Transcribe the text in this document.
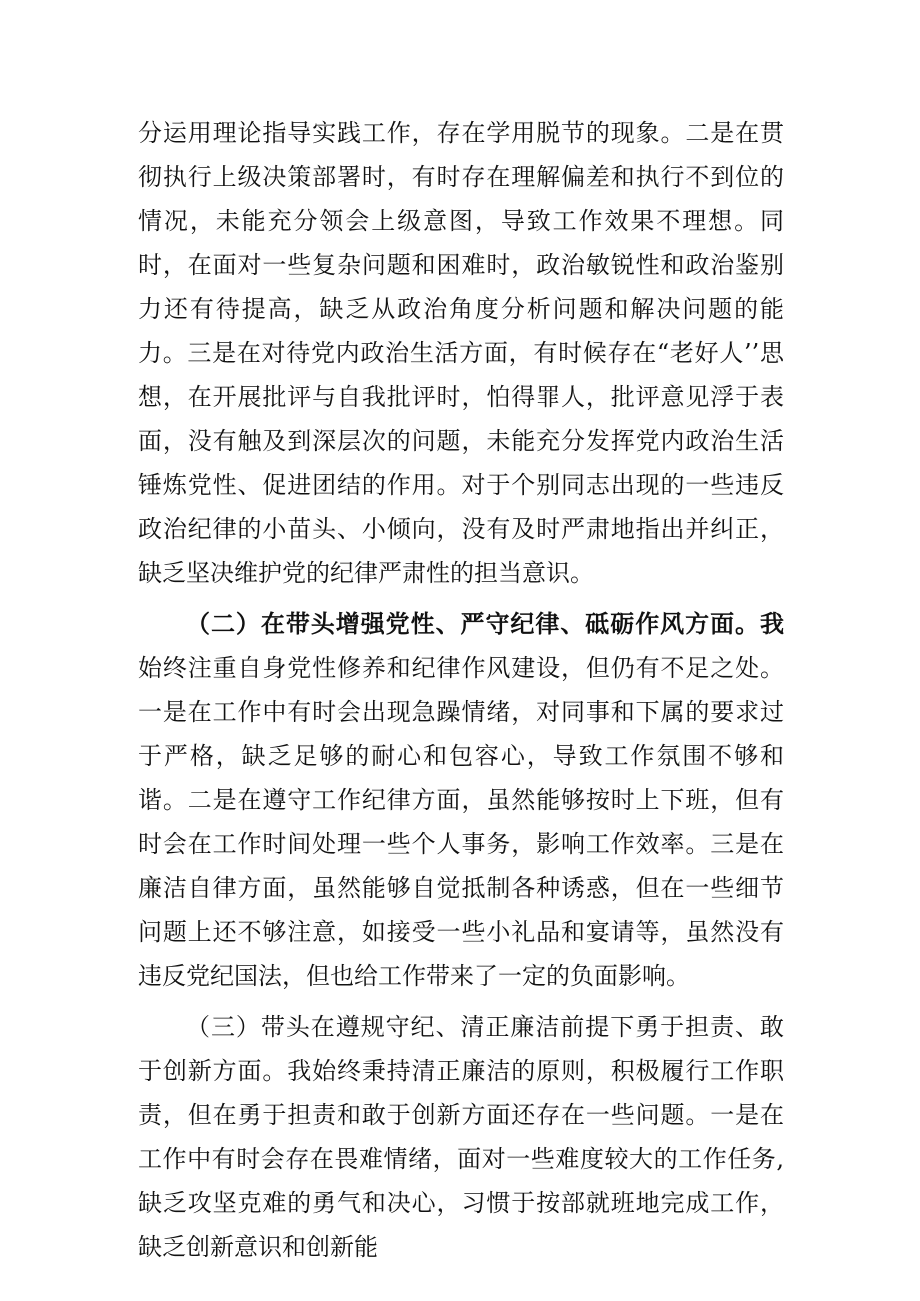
分运用理论指导实践工作，存在学用脱节的现象。二是在贯彻执行上级决策部署时，有时存在理解偏差和执行不到位的情况，未能充分领会上级意图，导致工作效果不理想。同时，在面对一些复杂问题和困难时，政治敏锐性和政治鉴别力还有待提高，缺乏从政治角度分析问题和解决问题的能力。三是在对待党内政治生活方面，有时候存在“老好人’’思想，在开展批评与自我批评时，怕得罪人，批评意见浮于表面，没有触及到深层次的问题，未能充分发挥党内政治生活锤炼党性、促进团结的作用。对于个别同志出现的一些违反政治纪律的小苗头、小倾向，没有及时严肃地指出并纠正，缺乏坚决维护党的纪律严肃性的担当意识。

（二）在带头增强党性、严守纪律、砥砺作风方面。我始终注重自身党性修养和纪律作风建设，但仍有不足之处。一是在工作中有时会出现急躁情绪，对同事和下属的要求过于严格，缺乏足够的耐心和包容心，导致工作氛围不够和谐。二是在遵守工作纪律方面，虽然能够按时上下班，但有时会在工作时间处理一些个人事务，影响工作效率。三是在廉洁自律方面，虽然能够自觉抵制各种诱惑，但在一些细节问题上还不够注意，如接受一些小礼品和宴请等，虽然没有违反党纪国法，但也给工作带来了一定的负面影响。

（三）带头在遵规守纪、清正廉洁前提下勇于担责、敢于创新方面。我始终秉持清正廉洁的原则，积极履行工作职责，但在勇于担责和敢于创新方面还存在一些问题。一是在工作中有时会存在畏难情绪，面对一些难度较大的工作任务,缺乏攻坚克难的勇气和决心，习惯于按部就班地完成工作，缺乏创新意识和创新能
